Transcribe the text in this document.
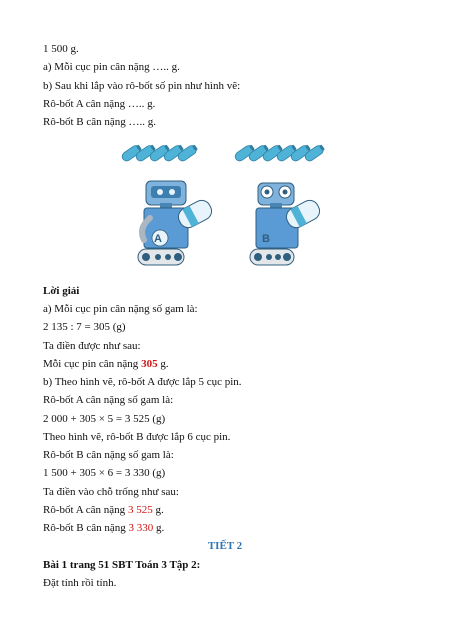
1 500 g.
a) Mỗi cục pin cân nặng ….. g.
b) Sau khi lắp vào rô-bốt số pin như hình vẽ:
Rô-bốt A cân nặng ….. g.
Rô-bốt B cân nặng ….. g.
A	B
Lời giải
a) Mỗi cục pin cân nặng số gam là:
2 135 : 7 = 305 (g)
Ta điền được như sau:
Mỗi cục pin cân nặng 305 g.
b) Theo hình vẽ, rô-bốt A được lắp 5 cục pin.
Rô-bốt A cân nặng số gam là:
2 000 + 305 × 5 = 3 525 (g)
Theo hình vẽ, rô-bốt B được lắp 6 cục pin.
Rô-bốt B cân nặng số gam là:
1 500 + 305 × 6 = 3 330 (g)
Ta điền vào chỗ trống như sau:
Rô-bốt A cân nặng 3 525 g.
Rô-bốt B cân nặng 3 330 g.
TIẾT 2
Bài 1 trang 51 SBT Toán 3 Tập 2:
Đặt tính rồi tính.
